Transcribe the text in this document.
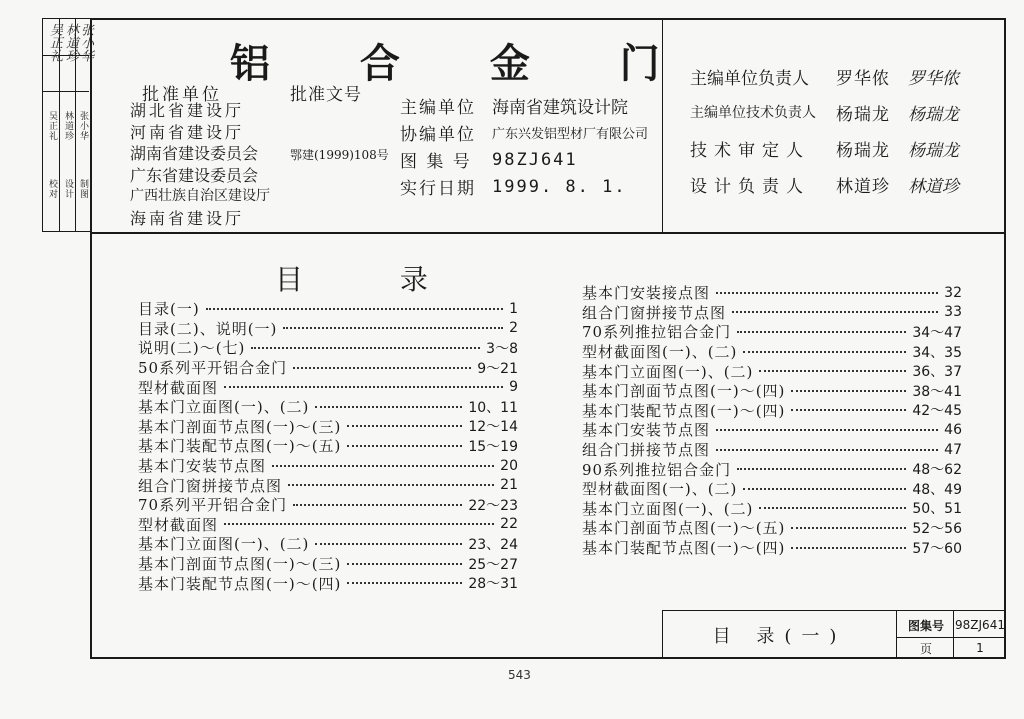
校对 设计 制图
吴正礼 林道珍 张小华
吴正礼 林道珍 张小华	铝 合 金 门
批准单位	批准文号
湖北省建设厅
河南省建设厅
湖南省建设委员会
广东省建设委员会
广西壮族自治区建设厅
海南省建设厅
鄂建(1999)108号
主编单位 海南省建筑设计院
协编单位	广东兴发铝型材厂有限公司
图 集 号	98ZJ641
实行日期 1999. 8. 1.
主编单位负责人	罗华侬	罗华侬
主编单位技术负责人	杨瑞龙	杨瑞龙
技术审定人	杨瑞龙	杨瑞龙
设计负责人	林道珍	林道珍
目 录
目录(一)	1
目录(二)、说明(一)	2
说明(二)～(七)	3～8
50系列平开铝合金门	9～21
型材截面图	9
基本门立面图(一)、(二)	10、11
基本门剖面节点图(一)～(三)	12～14
基本门装配节点图(一)～(五)	15～19
基本门安装节点图	20
组合门窗拼接节点图	21
70系列平开铝合金门	22～23
型材截面图	22
基本门立面图(一)、(二)	23、24
基本门剖面节点图(一)～(三)	25～27
基本门装配节点图(一)～(四)	28～31
基本门安装接点图	32
组合门窗拼接节点图	33
70系列推拉铝合金门	34～47
型材截面图(一)、(二)	34、35
基本门立面图(一)、(二)	36、37
基本门剖面节点图(一)～(四)	38～41
基本门装配节点图(一)～(四)	42～45
基本门安装节点图	46
组合门拼接节点图	47
90系列推拉铝合金门	48～62
型材截面图(一)、(二)	48、49
基本门立面图(一)、(二)	50、51
基本门剖面节点图(一)～(五)	52～56
基本门装配节点图(一)～(四)	57～60
目 录(一)	图集号 98ZJ641
页	1
543
